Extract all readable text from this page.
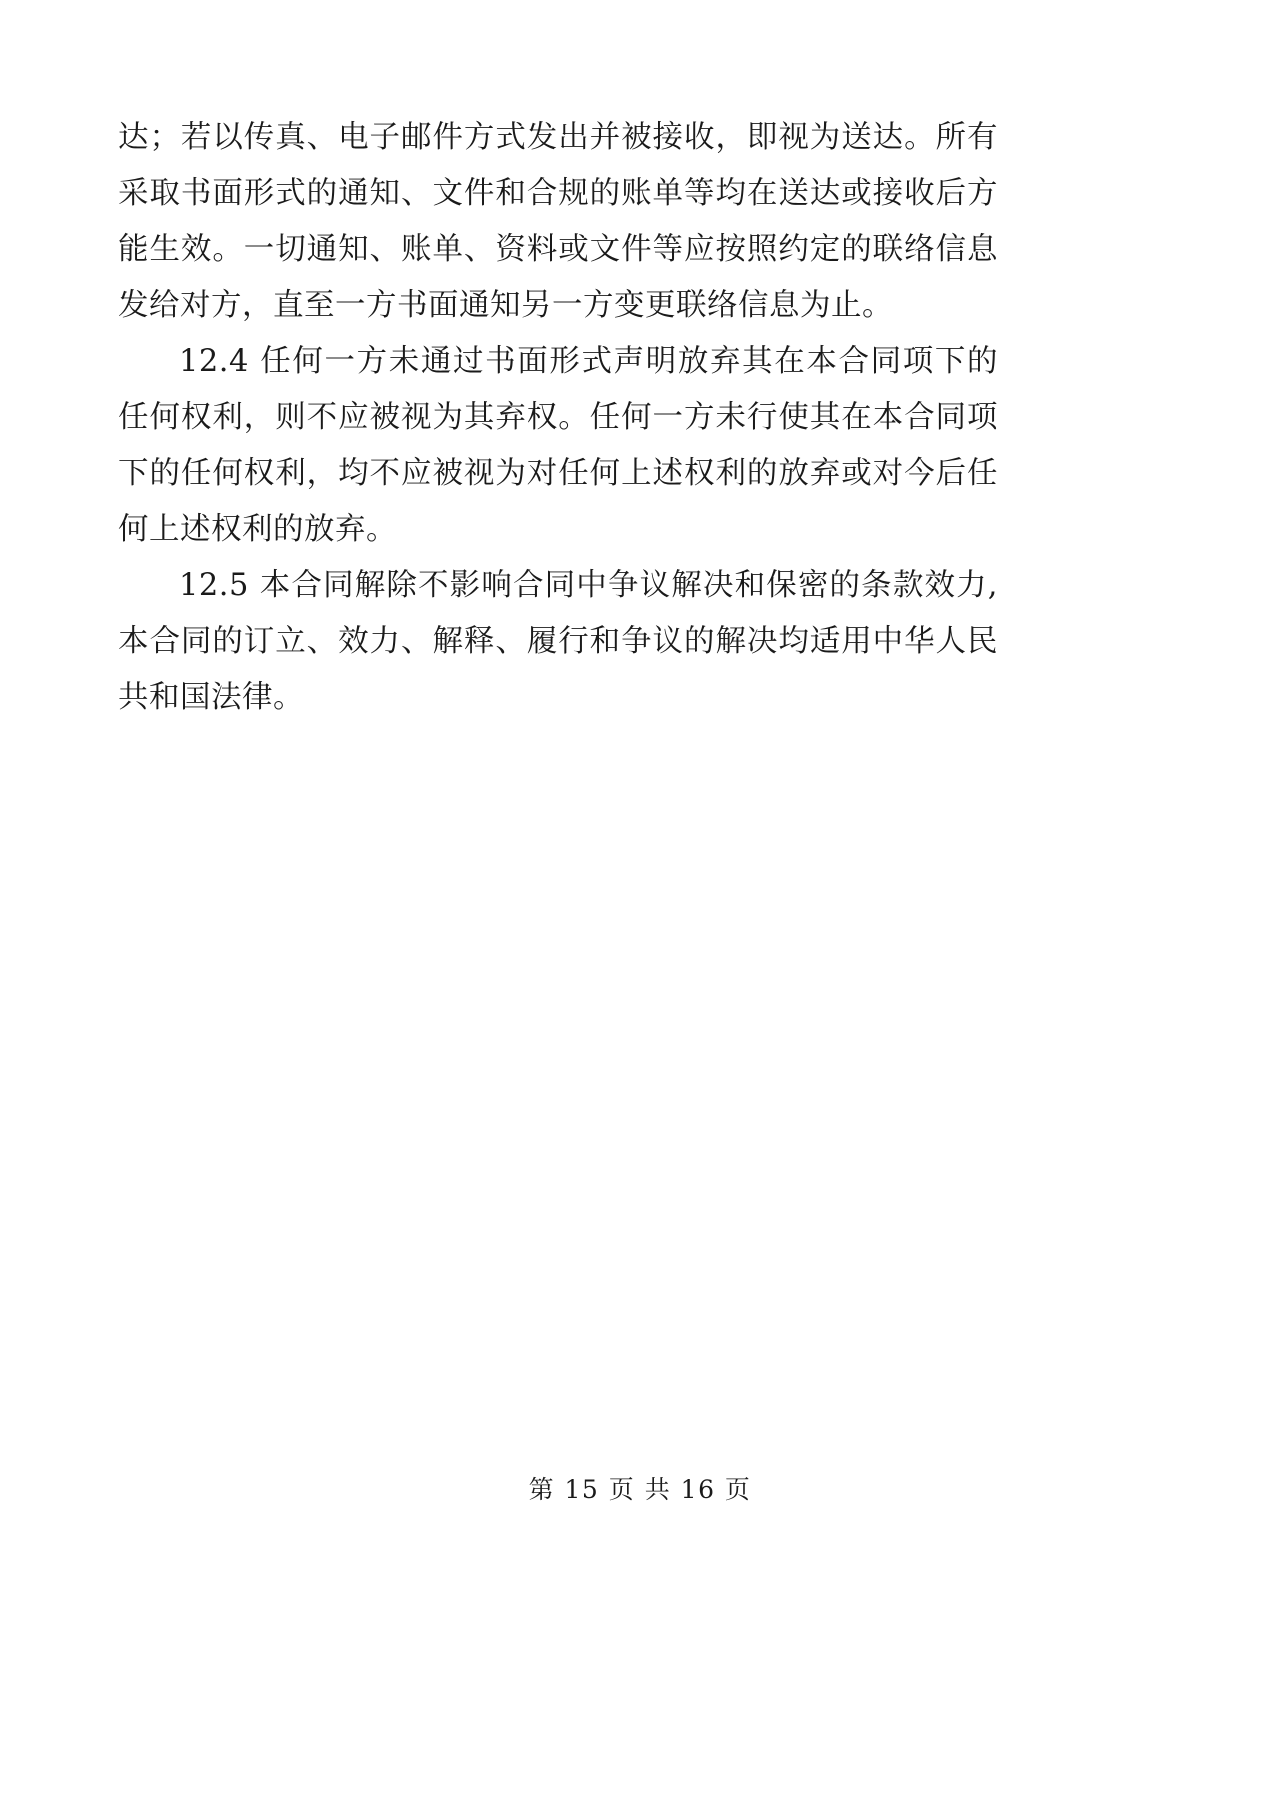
达；若以传真、电子邮件方式发出并被接收，即视为送达。所有采取书面形式的通知、文件和合规的账单等均在送达或接收后方能生效。一切通知、账单、资料或文件等应按照约定的联络信息发给对方，直至一方书面通知另一方变更联络信息为止。

12.4 任何一方未通过书面形式声明放弃其在本合同项下的任何权利，则不应被视为其弃权。任何一方未行使其在本合同项下的任何权利，均不应被视为对任何上述权利的放弃或对今后任何上述权利的放弃。

12.5 本合同解除不影响合同中争议解决和保密的条款效力, 本合同的订立、效力、解释、履行和争议的解决均适用中华人民共和国法律。

第 15 页 共 16 页
